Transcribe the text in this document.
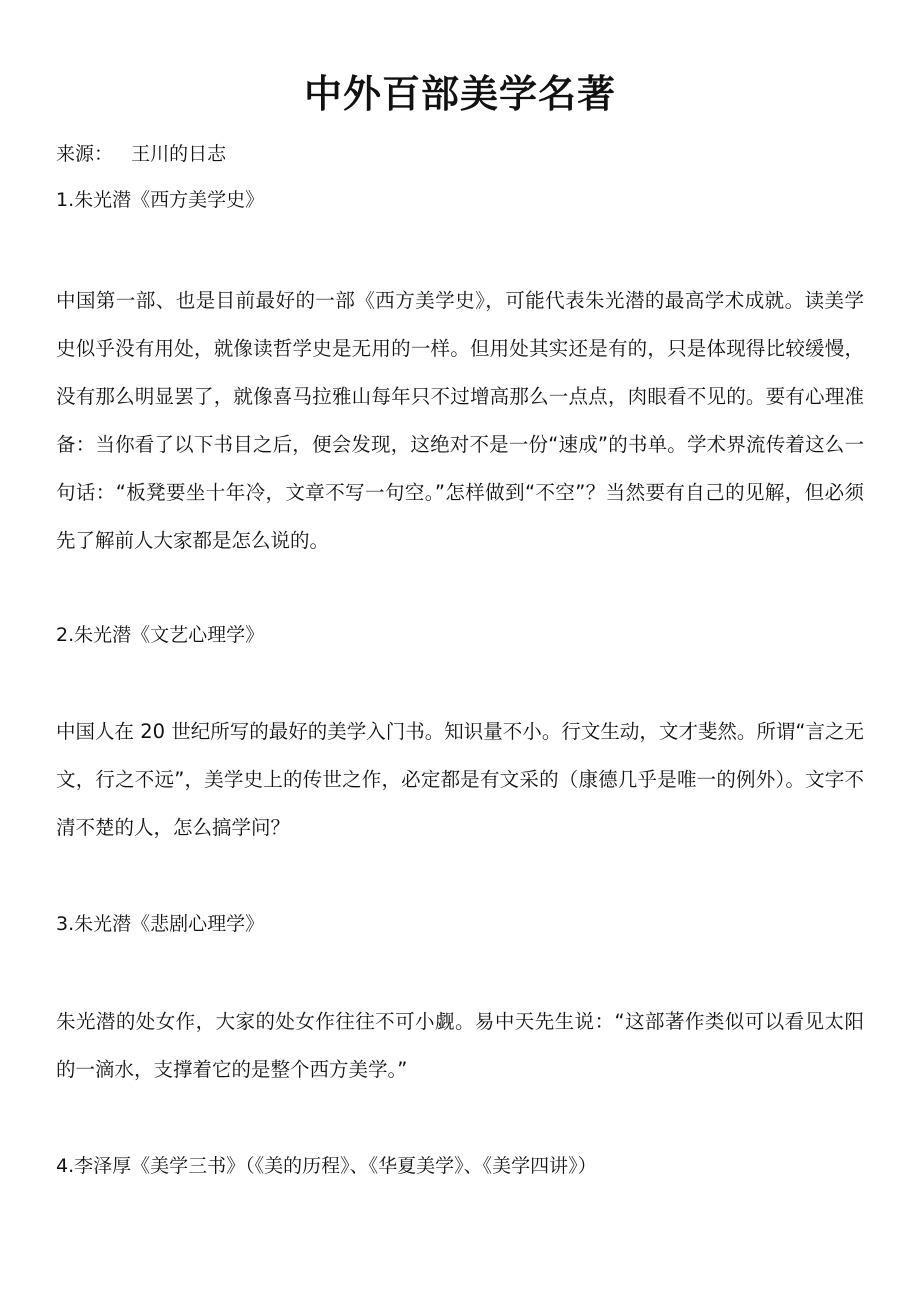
中外百部美学名著
来源：   王川的日志
1.朱光潜《西方美学史》
中国第一部、也是目前最好的一部《西方美学史》，可能代表朱光潜的最高学术成就。读美学史似乎没有用处，就像读哲学史是无用的一样。但用处其实还是有的，只是体现得比较缓慢，没有那么明显罢了，就像喜马拉雅山每年只不过增高那么一点点，肉眼看不见的。要有心理准备：当你看了以下书目之后，便会发现，这绝对不是一份“速成”的书单。学术界流传着这么一句话：“板凳要坐十年冷，文章不写一句空。”怎样做到“不空”？当然要有自己的见解，但必须先了解前人大家都是怎么说的。
2.朱光潜《文艺心理学》
中国人在 20 世纪所写的最好的美学入门书。知识量不小。行文生动，文才斐然。所谓“言之无文，行之不远”，美学史上的传世之作，必定都是有文采的（康德几乎是唯一的例外）。文字不清不楚的人，怎么搞学问？
3.朱光潜《悲剧心理学》
朱光潜的处女作，大家的处女作往往不可小觑。易中天先生说：“这部著作类似可以看见太阳的一滴水，支撑着它的是整个西方美学。”
4.李泽厚《美学三书》（《美的历程》、《华夏美学》、《美学四讲》）
